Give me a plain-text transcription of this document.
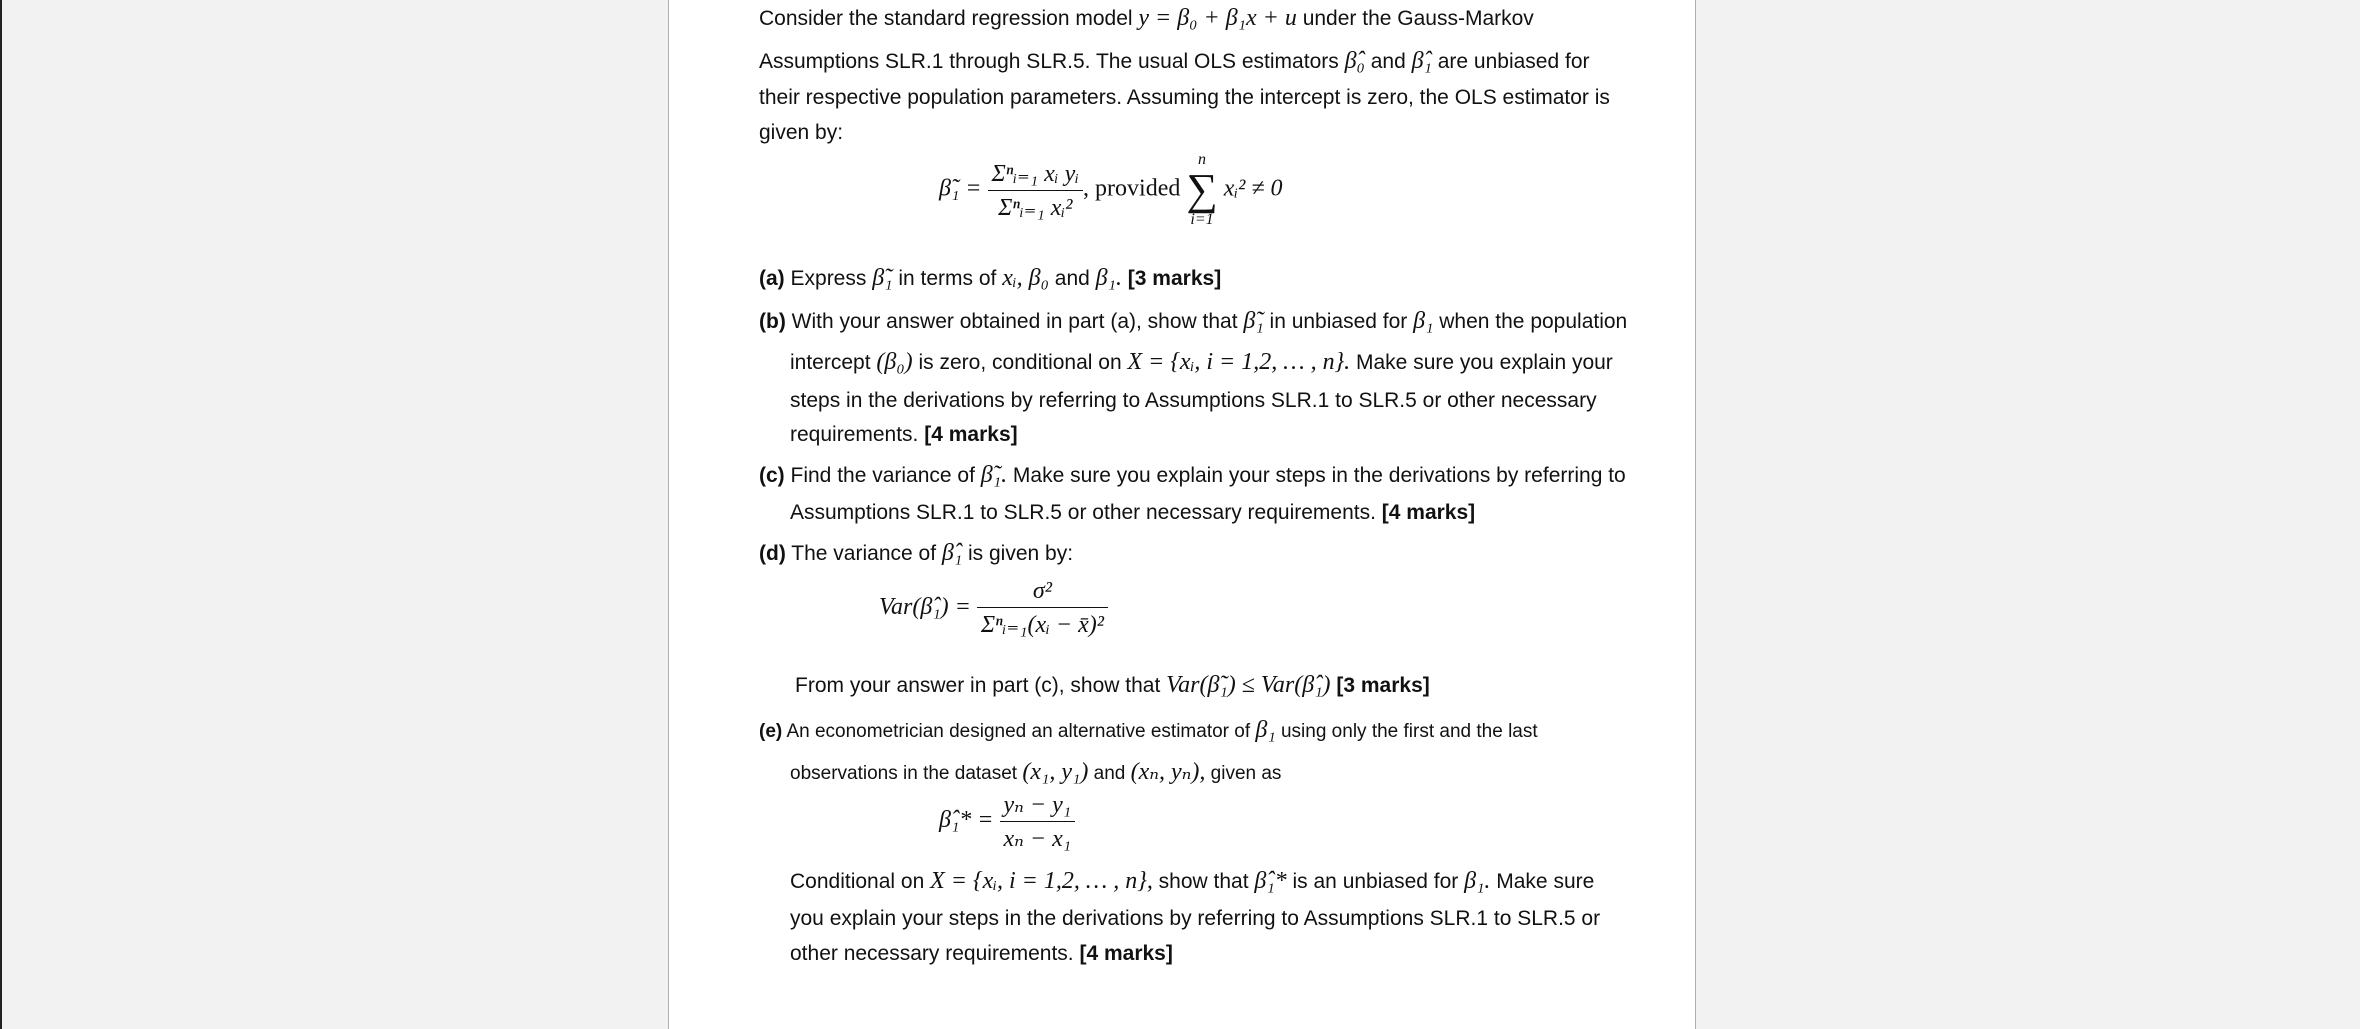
Consider the standard regression model y = β₀ + β₁x + u under the Gauss-Markov
Assumptions SLR.1 through SLR.5. The usual OLS estimators β̂₀ and β̂₁ are unbiased for
their respective population parameters. Assuming the intercept is zero, the OLS estimator is
given by:
β̃₁ = $\frac{\text{Σⁿᵢ₌₁ xᵢ yᵢ}}{\text{Σⁿᵢ₌₁ xᵢ²}}$ , provided
n
∑
i=1
xᵢ² ≠ 0
(a) Express β̃₁ in terms of xᵢ, β₀ and β₁. [3 marks]
(b) With your answer obtained in part (a), show that β̃₁ in unbiased for β₁ when the population
intercept (β₀) is zero, conditional on X = {xᵢ, i = 1,2, … , n}. Make sure you explain your
steps in the derivations by referring to Assumptions SLR.1 to SLR.5 or other necessary
requirements. [4 marks]
(c) Find the variance of β̃₁. Make sure you explain your steps in the derivations by referring to
Assumptions SLR.1 to SLR.5 or other necessary requirements. [4 marks]
(d) The variance of β̂₁ is given by:
Var(β̂₁) = $\frac{\text{σ²}}{\text{Σⁿᵢ₌₁(xᵢ − x̄)²}}$
From your answer in part (c), show that Var(β̃₁) ≤ Var(β̂₁) [3 marks]
(e) An econometrician designed an alternative estimator of β₁ using only the first and the last
observations in the dataset (x₁, y₁) and (xₙ, yₙ), given as
β̂₁* = $\frac{\text{yₙ − y₁}}{\text{xₙ − x₁}}$
Conditional on X = {xᵢ, i = 1,2, … , n}, show that β̂₁* is an unbiased for β₁. Make sure
you explain your steps in the derivations by referring to Assumptions SLR.1 to SLR.5 or
other necessary requirements. [4 marks]
